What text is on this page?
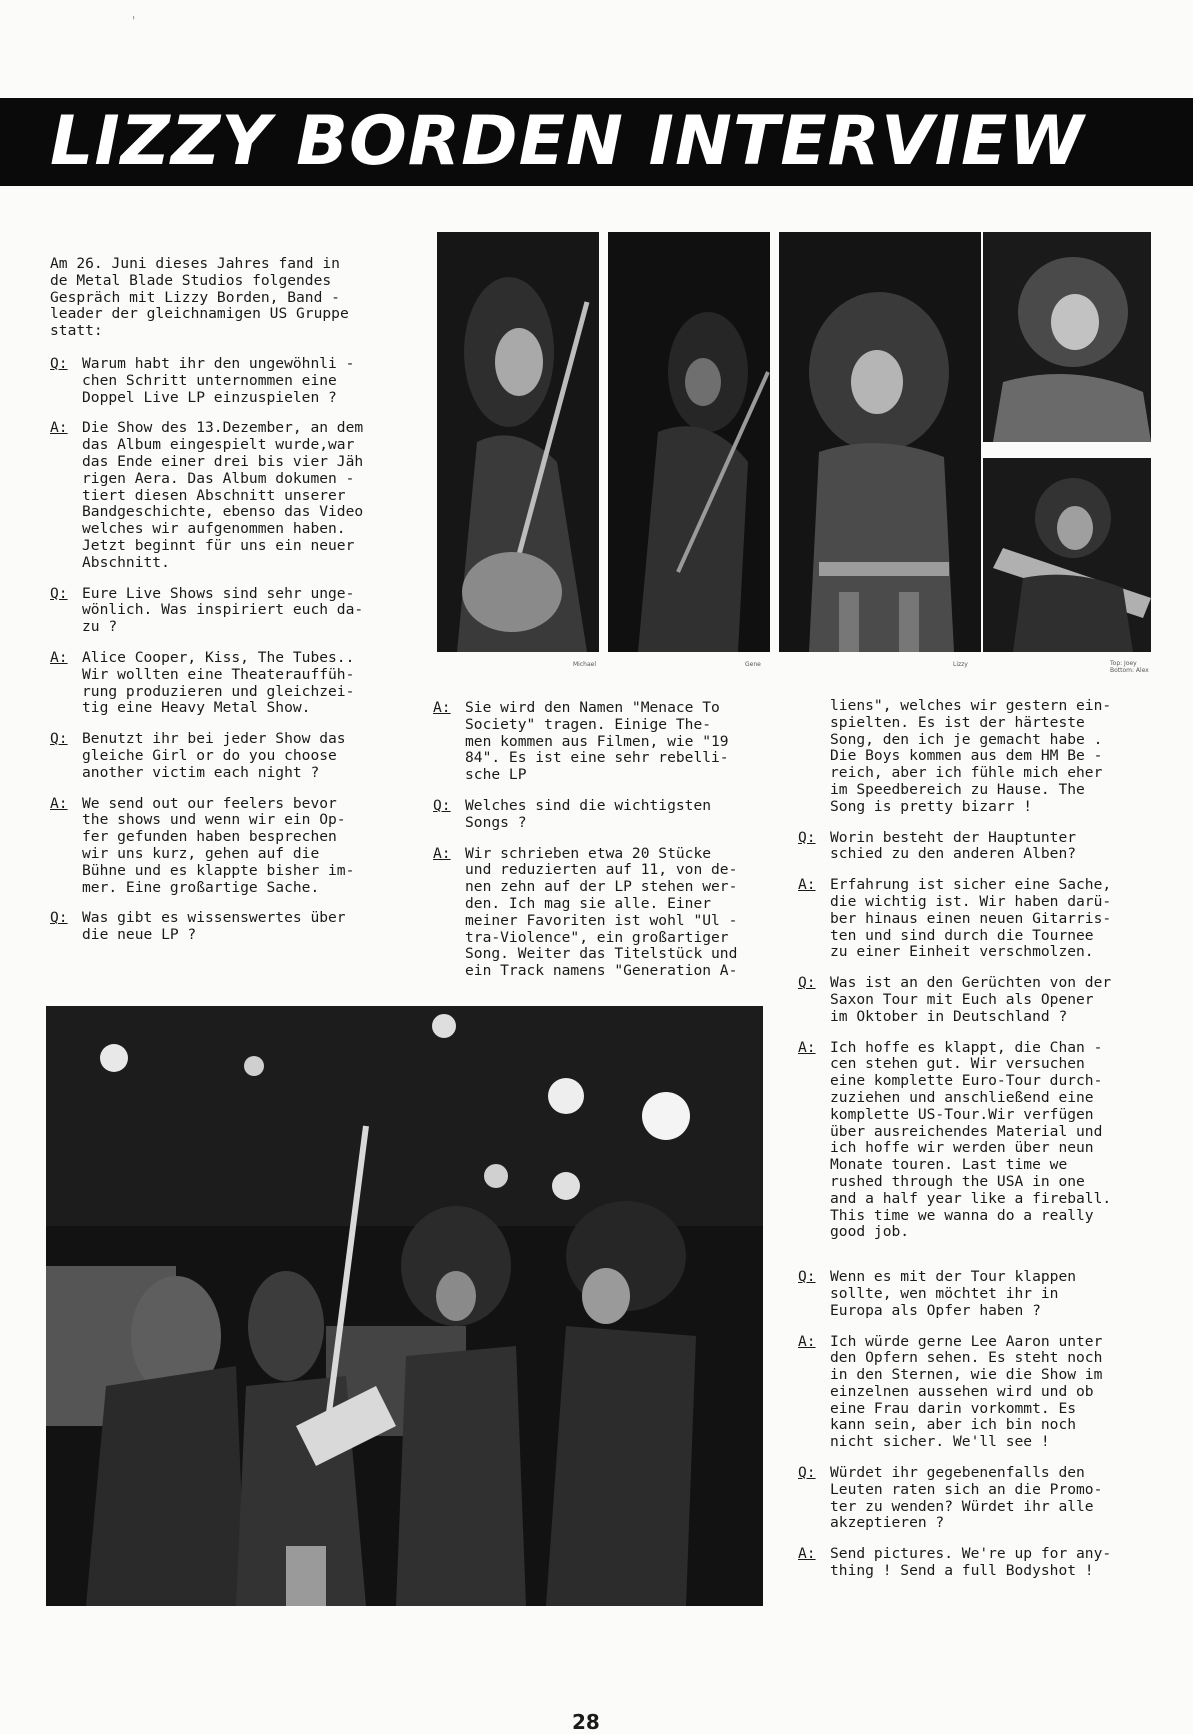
'
LIZZY BORDEN INTERVIEW
Michael	Gene	Lizzy	Top: Joey
Bottom: Alex

Am 26. Juni dieses Jahres fand in
de Metal Blade Studios folgendes
Gespräch mit Lizzy Borden, Band -
leader der gleichnamigen US Gruppe
statt:

Q: Warum habt ihr den ungewöhnli -
chen Schritt unternommen eine
Doppel Live LP einzuspielen ?
A: Die Show des 13.Dezember, an dem
das Album eingespielt wurde,war
das Ende einer drei bis vier Jäh
rigen Aera. Das Album dokumen -
tiert diesen Abschnitt unserer
Bandgeschichte, ebenso das Video
welches wir aufgenommen haben.
Jetzt beginnt für uns ein neuer
Abschnitt.
Q: Eure Live Shows sind sehr unge-
wönlich. Was inspiriert euch da-
zu ?
A: Alice Cooper, Kiss, The Tubes..
Wir wollten eine Theaterauffüh-
rung produzieren und gleichzei-
tig eine Heavy Metal Show.
Q: Benutzt ihr bei jeder Show das
gleiche Girl or do you choose
another victim each night ?
A: We send out our feelers bevor
the shows und wenn wir ein Op-
fer gefunden haben besprechen
wir uns kurz, gehen auf die
Bühne und es klappte bisher im-
mer. Eine großartige Sache.
Q: Was gibt es wissenswertes über
die neue LP ?
A: Sie wird den Namen "Menace To
Society" tragen. Einige The-
men kommen aus Filmen, wie "19
84". Es ist eine sehr rebelli-
sche LP
Q: Welches sind die wichtigsten
Songs ?
A: Wir schrieben etwa 20 Stücke
und reduzierten auf 11, von de-
nen zehn auf der LP stehen wer-
den. Ich mag sie alle. Einer
meiner Favoriten ist wohl "Ul -
tra-Violence", ein großartiger
Song. Weiter das Titelstück und
ein Track namens "Generation A-
liens", welches wir gestern ein-
spielten. Es ist der härteste
Song, den ich je gemacht habe .
Die Boys kommen aus dem HM Be -
reich, aber ich fühle mich eher
im Speedbereich zu Hause. The
Song is pretty bizarr !
Q: Worin besteht der Hauptunter
schied zu den anderen Alben?
A: Erfahrung ist sicher eine Sache,
die wichtig ist. Wir haben darü-
ber hinaus einen neuen Gitarris-
ten und sind durch die Tournee
zu einer Einheit verschmolzen.
Q: Was ist an den Gerüchten von der
Saxon Tour mit Euch als Opener
im Oktober in Deutschland ?
A: Ich hoffe es klappt, die Chan -
cen stehen gut. Wir versuchen
eine komplette Euro-Tour durch-
zuziehen und anschließend eine
komplette US-Tour.Wir verfügen
über ausreichendes Material und
ich hoffe wir werden über neun
Monate touren. Last time we
rushed through the USA in one
and a half year like a fireball.
This time we wanna do a really
good job.
Q: Wenn es mit der Tour klappen
sollte, wen möchtet ihr in
Europa als Opfer haben ?
A: Ich würde gerne Lee Aaron unter
den Opfern sehen. Es steht noch
in den Sternen, wie die Show im
einzelnen aussehen wird und ob
eine Frau darin vorkommt. Es
kann sein, aber ich bin noch
nicht sicher. We'll see !
Q: Würdet ihr gegebenenfalls den
Leuten raten sich an die Promo-
ter zu wenden? Würdet ihr alle
akzeptieren ?
A: Send pictures. We're up for any-
thing ! Send a full Bodyshot !
28
